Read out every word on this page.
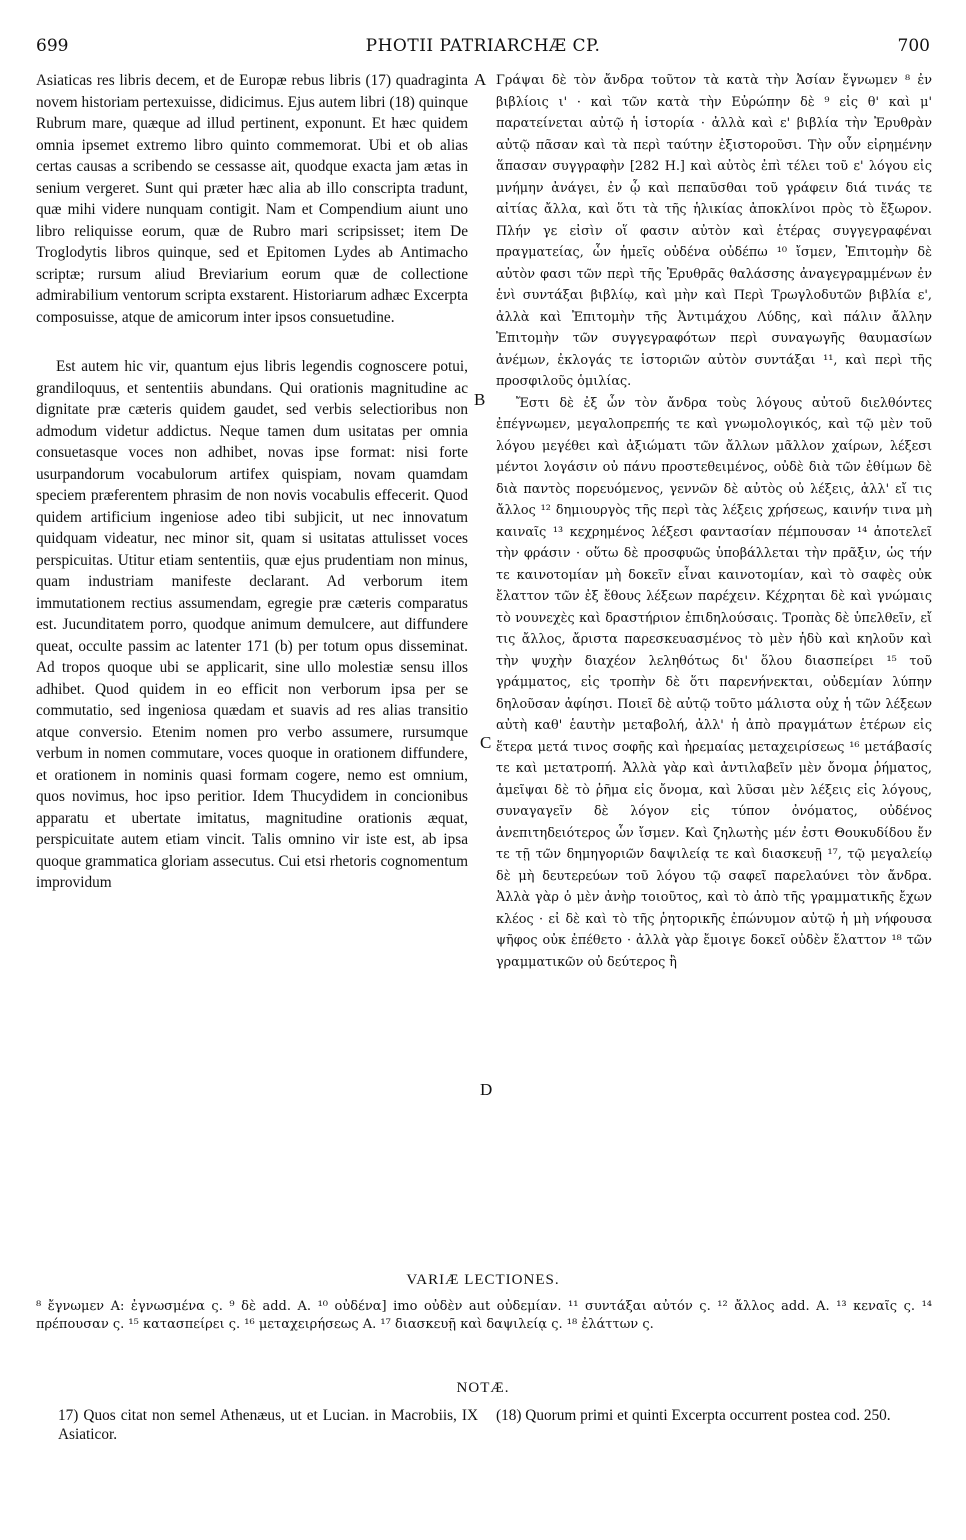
699	PHOTII PATRIARCHÆ CP.	700

Asiaticas res libris decem, et de Europæ rebus libris (17) quadraginta novem historiam pertexuisse, didicimus. Ejus autem libri (18) quinque Rubrum mare, quæque ad illud pertinent, exponunt. Et hæc quidem omnia ipsemet extremo libro quinto commemorat. Ubi et ob alias certas causas a scribendo se cessasse ait, quodque exacta jam ætas in senium vergeret. Sunt qui præter hæc alia ab illo conscripta tradunt, quæ mihi videre nunquam contigit. Nam et Compendium aiunt uno libro reliquisse eorum, quæ de Rubro mari scripsisset; item De Troglodytis libros quinque, sed et Epitomen Lydes ab Antimacho scriptæ; rursum aliud Breviarium eorum quæ de collectione admirabilium ventorum scripta exstarent. Historiarum adhæc Excerpta composuisse, atque de amicorum inter ipsos consuetudine.

Est autem hic vir, quantum ejus libris legendis cognoscere potui, grandiloquus, et sententiis abundans. Qui orationis magnitudine ac dignitate præ cæteris quidem gaudet, sed verbis selectioribus non admodum videtur addictus. Neque tamen dum usitatas per omnia consuetasque voces non adhibet, novas ipse format: nisi forte usurpandorum vocabulorum artifex quispiam, novam quamdam speciem præferentem phrasim de non novis vocabulis effecerit. Quod quidem artificium ingeniose adeo tibi subjicit, ut nec innovatum quidquam videatur, nec minor sit, quam si usitatas attulisset voces perspicuitas. Utitur etiam sententiis, quæ ejus prudentiam non minus, quam industriam manifeste declarant. Ad verborum item immutationem rectius assumendam, egregie præ cæteris comparatus est. Jucunditatem porro, quodque animum demulcere, aut diffundere queat, occulte passim ac latenter 171 (b) per totum opus disseminat. Ad tropos quoque ubi se applicarit, sine ullo molestiæ sensu illos adhibet. Quod quidem in eo efficit non verborum ipsa per se commutatio, sed ingeniosa quædam et suavis ad res alias transitio atque conversio. Etenim nomen pro verbo assumere, rursumque verbum in nomen commutare, voces quoque in orationem diffundere, et orationem in nominis quasi formam cogere, nemo est omnium, quos novimus, hoc ipso peritior. Idem Thucydidem in concionibus apparatu et ubertate imitatus, magnitudine orationis æquat, perspicuitate autem etiam vincit. Talis omnino vir iste est, ab ipsa quoque grammatica gloriam assecutus. Cui etsi rhetoris cognomentum improvidum

A
B
C
D

Γράψαι δὲ τὸν ἄνδρα τοῦτον τὰ κατὰ τὴν Ἀσίαν ἔγνωμεν ⁸ ἐν βιβλίοις ι' · καὶ τῶν κατὰ τὴν Εὐρώπην δὲ ⁹ εἰς θ' καὶ μ' παρατείνεται αὐτῷ ἡ ἱστορία · ἀλλὰ καὶ ε' βιβλία τὴν Ἐρυθρὰν αὐτῷ πᾶσαν καὶ τὰ περὶ ταύτην ἐξιστοροῦσι. Τὴν οὖν εἰρημένην ἅπασαν συγγραφὴν [282 H.] καὶ αὐτὸς ἐπὶ τέλει τοῦ ε' λόγου εἰς μνήμην ἀνάγει, ἐν ᾧ καὶ πεπαῦσθαι τοῦ γράφειν διά τινάς τε αἰτίας ἄλλα, καὶ ὅτι τὰ τῆς ἡλικίας ἀποκλίνοι πρὸς τὸ ἔξωρον. Πλήν γε εἰσὶν οἵ φασιν αὐτὸν καὶ ἑτέρας συγγεγραφέναι πραγματείας, ὧν ἡμεῖς οὐδένα οὐδέπω ¹⁰ ἴσμεν, Ἐπιτομὴν δὲ αὐτὸν φασι τῶν περὶ τῆς Ἐρυθρᾶς θαλάσσης ἀναγεγραμμένων ἐν ἑνὶ συντάξαι βιβλίῳ, καὶ μὴν καὶ Περὶ Τρωγλοδυτῶν βιβλία ε', ἀλλὰ καὶ Ἐπιτομὴν τῆς Ἀντιμάχου Λύδης, καὶ πάλιν ἄλλην Ἐπιτομὴν τῶν συγγεγραφότων περὶ συναγωγῆς θαυμασίων ἀνέμων, ἐκλογάς τε ἱστοριῶν αὐτὸν συντάξαι ¹¹, καὶ περὶ τῆς προσφιλοῦς ὁμιλίας.

Ἔστι δὲ ἐξ ὧν τὸν ἄνδρα τοὺς λόγους αὐτοῦ διελθόντες ἐπέγνωμεν, μεγαλοπρεπής τε καὶ γνωμολογικός, καὶ τῷ μὲν τοῦ λόγου μεγέθει καὶ ἀξιώματι τῶν ἄλλων μᾶλλον χαίρων, λέξεσι μέντοι λογάσιν οὐ πάνυ προστεθειμένος, οὐδὲ διὰ τῶν ἐθίμων δὲ διὰ παντὸς πορευόμενος, γεννῶν δὲ αὐτὸς οὐ λέξεις, ἀλλ' εἴ τις ἄλλος ¹² δημιουργὸς τῆς περὶ τὰς λέξεις χρήσεως, καινήν τινα μὴ καιναῖς ¹³ κεχρημένος λέξεσι φαντασίαν πέμπουσαν ¹⁴ ἀποτελεῖ τὴν φράσιν · οὕτω δὲ προσφυῶς ὑποβάλλεται τὴν πρᾶξιν, ὡς τήν τε καινοτομίαν μὴ δοκεῖν εἶναι καινοτομίαν, καὶ τὸ σαφὲς οὐκ ἔλαττον τῶν ἐξ ἔθους λέξεων παρέχειν. Κέχρηται δὲ καὶ γνώμαις τὸ νουνεχὲς καὶ δραστήριον ἐπιδηλούσαις. Τροπὰς δὲ ὑπελθεῖν, εἴ τις ἄλλος, ἄριστα παρεσκευασμένος τὸ μὲν ἡδὺ καὶ κηλοῦν καὶ τὴν ψυχὴν διαχέον λεληθότως δι' ὅλου διασπείρει ¹⁵ τοῦ γράμματος, εἰς τροπὴν δὲ ὅτι παρενήνεκται, οὐδεμίαν λύπην δηλοῦσαν ἀφίησι. Ποιεῖ δὲ αὐτῷ τοῦτο μάλιστα οὐχ ἡ τῶν λέξεων αὐτὴ καθ' ἑαυτὴν μεταβολή, ἀλλ' ἡ ἀπὸ πραγμάτων ἑτέρων εἰς ἕτερα μετά τινος σοφῆς καὶ ἠρεμαίας μεταχειρίσεως ¹⁶ μετάβασίς τε καὶ μετατροπή. Ἀλλὰ γὰρ καὶ ἀντιλαβεῖν μὲν ὄνομα ῥήματος, ἀμεῖψαι δὲ τὸ ῥῆμα εἰς ὄνομα, καὶ λῦσαι μὲν λέξεις εἰς λόγους, συναγαγεῖν δὲ λόγον εἰς τύπον ὀνόματος, οὐδένος ἀνεπιτηδειότερος ὧν ἴσμεν. Καὶ ζηλωτὴς μέν ἐστι Θουκυδίδου ἔν τε τῇ τῶν δημηγοριῶν δαψιλείᾳ τε καὶ διασκευῇ ¹⁷, τῷ μεγαλείῳ δὲ μὴ δευτερεύων τοῦ λόγου τῷ σαφεῖ παρελαύνει τὸν ἄνδρα. Ἀλλὰ γὰρ ὁ μὲν ἀνὴρ τοιοῦτος, καὶ τὸ ἀπὸ τῆς γραμματικῆς ἔχων κλέος · εἰ δὲ καὶ τὸ τῆς ῥητορικῆς ἐπώνυμον αὐτῷ ἡ μὴ νήφουσα ψῆφος οὐκ ἐπέθετο · ἀλλὰ γὰρ ἔμοιγε δοκεῖ οὐδὲν ἔλαττον ¹⁸ τῶν γραμματικῶν οὐ δεύτερος ἢ

VARIÆ LECTIONES.
⁸ ἔγνωμεν A: ἐγνωσμένα ς. ⁹ δὲ add. A. ¹⁰ οὐδένα] imo οὐδὲν aut οὐδεμίαν. ¹¹ συντάξαι αὐτόν ς. ¹² ἄλλος add. A. ¹³ κεναῖς ς. ¹⁴ πρέπουσαν ς. ¹⁵ κατασπείρει ς. ¹⁶ μεταχειρήσεως A. ¹⁷ διασκευῇ καὶ δαψιλείᾳ ς. ¹⁸ ἐλάττων ς.
NOTÆ.
17) Quos citat non semel Athenæus, ut et Lucian. in Macrobiis, IX Asiaticor.
(18) Quorum primi et quinti Excerpta occurrent postea cod. 250.
